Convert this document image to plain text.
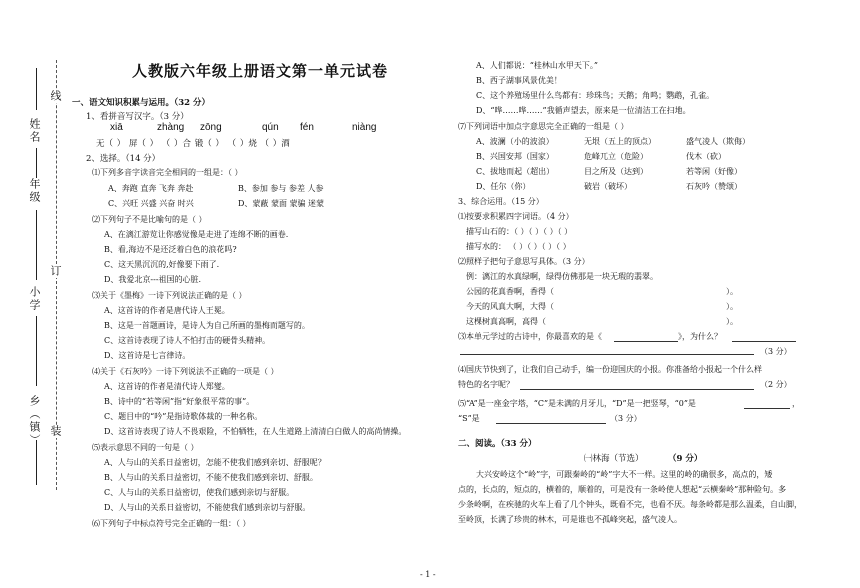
线
订
装
姓名
年级
小学
乡（镇）
人教版六年级上册语文第一单元试卷
一、语文知识积累与运用。（32 分）
1、看拼音写汉字。（3 分）
xiā	zhàng zōng	qún fén	niàng
无（ ） 屏（ ） （ ）合 锻（ ） （ ）烧 （ ）酒
2、选择。（14 分）
⑴下列多音字读音完全相同的一组是：（ ）
A、奔跑 直奔 飞奔 奔赴	B、参加 参与 参差 人参
C、兴旺 兴盛 兴奋 时兴	D、蒙蔽 蒙面 蒙骗 迷蒙
⑵下列句子不是比喻句的是（ ）
A、在漓江游览让你感觉像是走进了连绵不断的画卷.
B、看,海边不是还泛着白色的浪花吗?
C、这天黑沉沉的,好像要下雨了.
D、我爱北京---祖国的心脏.
⑶关于《墨梅》一诗下列说法正确的是（ ）
A、这首诗的作者是唐代诗人王冕。
B、这是一首题画诗，是诗人为自己所画的墨梅而题写的。
C、这首诗表现了诗人不怕打击的硬骨头精神。
D、这首诗是七言律诗。
⑷关于《石灰吟》一诗下列说法不正确的一项是（ ）
A、这首诗的作者是清代诗人郑燮。
B、诗中的“若等闲”指“好象很平常的事”。
C、题目中的“吟”是指诗歌体裁的一种名称。
D、这首诗表现了诗人不畏艰险，不怕牺牲，在人生道路上清清白白做人的高尚情操。
⑸表示意思不同的一句是（ ）
A、人与山的关系日益密切，怎能不使我们感到亲切、舒服呢？
B、人与山的关系日益密切，不能不使我们感到亲切、舒服。
C、人与山的关系日益密切，使我们感到亲切与舒服。
D、人与山的关系日益密切，不能使我们感到亲切与舒服。
⑹下列句子中标点符号完全正确的一组：（ ）
A、人们都说：“桂林山水甲天下。”
B、西子湖事风景优美！
C、这个养殖场里什么鸟都有：珍珠鸟；天鹅；角鸣；鹦鹉，孔雀。
D、“哗……哗……”我循声望去，原来是一位清洁工在扫地。
⑺下列词语中加点字意思完全正确的一组是（ ）
A、波澜（小的波浪）	无垠（五上的顶点）	盛气凌人（欺侮）
B、兴国安邦（国家）	危峰兀立（危险）	伐木（砍）
C、拔地而起（超出）	目之所及（达到）	若等闲（好像）
D、任尔（你）	破岩（破坏）	石灰吟（赞颂）
3、综合运用。（15 分）
⑴按要求积累四字词语。（4 分）
描写山石的：（ ）（ ）（ ）（ ）
描写水的： （ ）（ ）（ ）（ ）
⑵照样子把句子意思写具体。（3 分）
例：漓江的水真绿啊，绿得仿佛那是一块无瑕的翡翠。
公园的花真香啊，香得（	）。
今天的风真大啊，大得（	）。
这棵树真高啊，高得（	）。
⑶本单元学过的古诗中，你最喜欢的是《	》，为什么？
（3 分）
⑷国庆节快到了，让我们自己动手，编一份迎国庆的小报。你准备给小报起一个什么样
特色的名字呢？	（2 分）
⑸“A”是一座金字塔，“C”是未满的月牙儿，“D”是一把竖琴，“0”是	，
“S”是	（3 分）
二、阅读。（33 分）
㈠林海（节选）	（9 分）
大兴安岭这个“岭”字，可跟秦岭的“岭”字大不一样。这里的岭的确很多，高点的，矮
点的，长点的，短点的，横着的，顺着的，可是没有一条岭使人想起“云横秦岭”那种险句。多
少条岭啊，在疾驰的火车上看了几个钟头，既看不完，也看不厌。每条岭都是那么温柔，自山脚，
至岭顶，长满了珍贵的林木，可是谁也不孤峰突起，盛气凌人。
- 1 -
